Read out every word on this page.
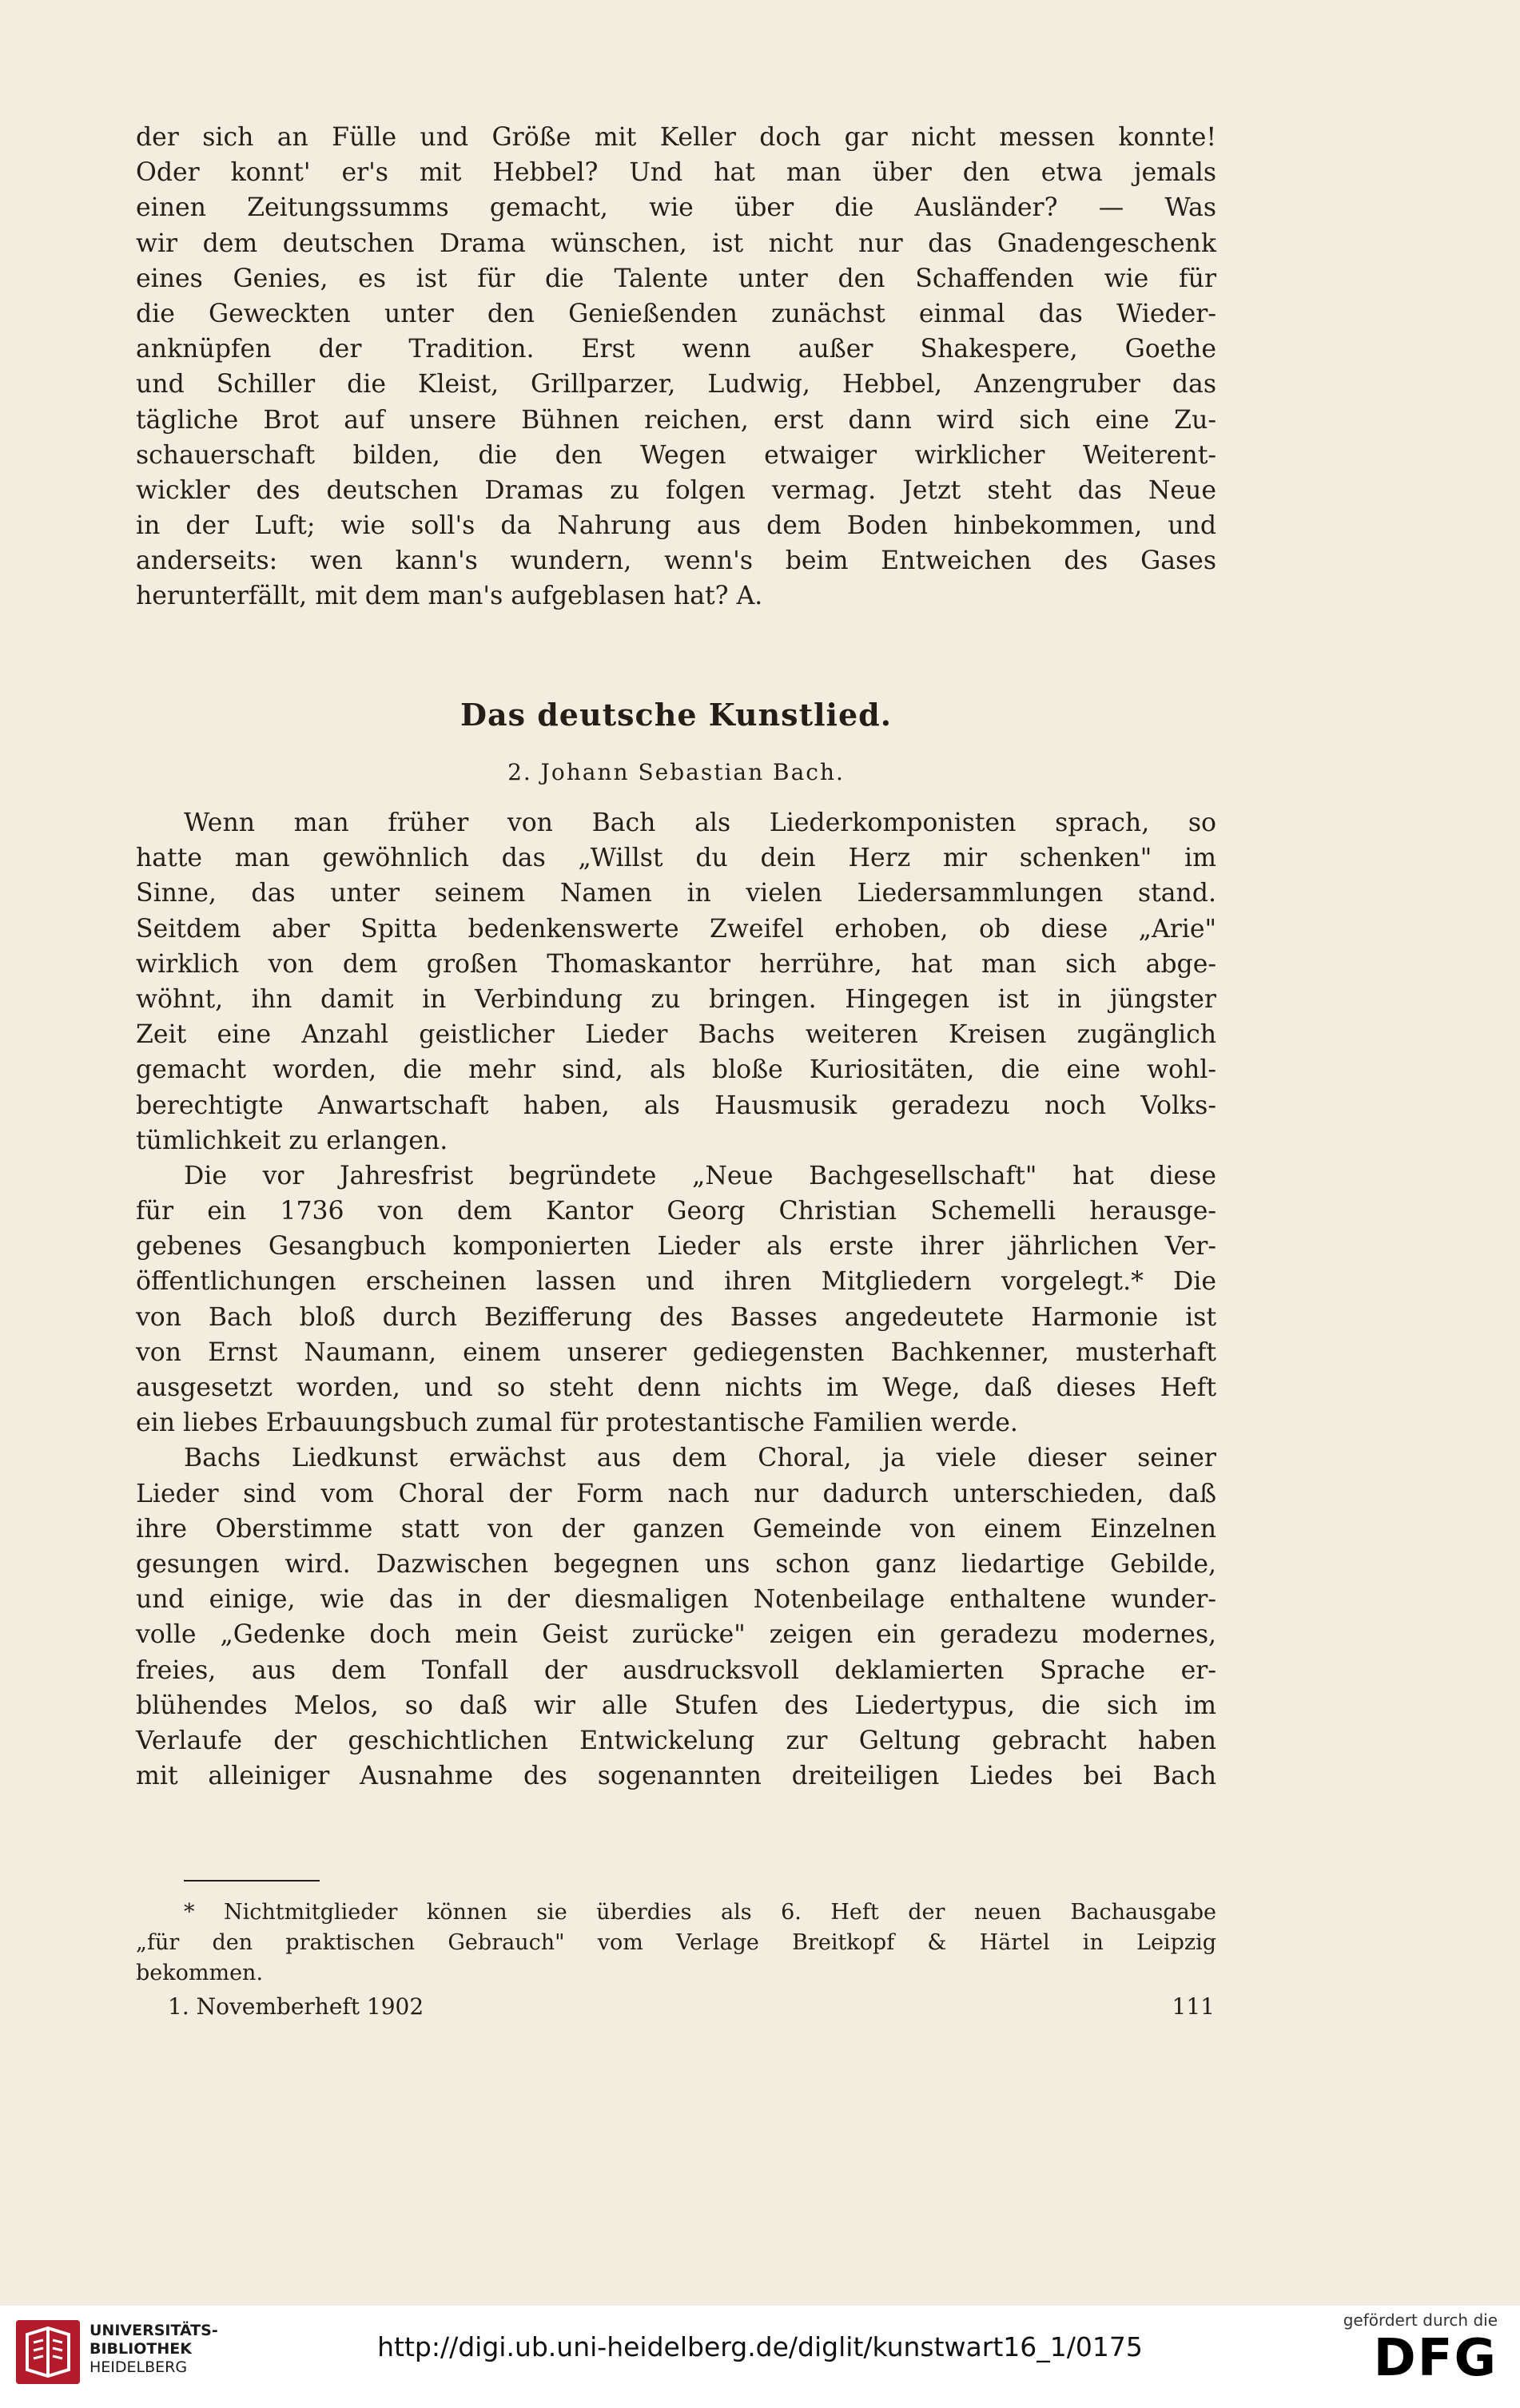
der sich an Fülle und Größe mit Keller doch gar nicht messen konnte!
Oder konnt' er's mit Hebbel? Und hat man über den etwa jemals
einen Zeitungssumms gemacht, wie über die Ausländer? — Was
wir dem deutschen Drama wünschen, ist nicht nur das Gnadengeschenk
eines Genies, es ist für die Talente unter den Schaffenden wie für
die Geweckten unter den Genießenden zunächst einmal das Wieder-
anknüpfen der Tradition. Erst wenn außer Shakespere, Goethe
und Schiller die Kleist, Grillparzer, Ludwig, Hebbel, Anzengruber das
tägliche Brot auf unsere Bühnen reichen, erst dann wird sich eine Zu-
schauerschaft bilden, die den Wegen etwaiger wirklicher Weiterent-
wickler des deutschen Dramas zu folgen vermag. Jetzt steht das Neue
in der Luft; wie soll's da Nahrung aus dem Boden hinbekommen, und
anderseits: wen kann's wundern, wenn's beim Entweichen des Gases
herunterfällt, mit dem man's aufgeblasen hat? A.
Das deutsche Kunstlied.
2. Johann Sebastian Bach.
Wenn man früher von Bach als Liederkomponisten sprach, so
hatte man gewöhnlich das „Willst du dein Herz mir schenken" im
Sinne, das unter seinem Namen in vielen Liedersammlungen stand.
Seitdem aber Spitta bedenkenswerte Zweifel erhoben, ob diese „Arie"
wirklich von dem großen Thomaskantor herrühre, hat man sich abge-
wöhnt, ihn damit in Verbindung zu bringen. Hingegen ist in jüngster
Zeit eine Anzahl geistlicher Lieder Bachs weiteren Kreisen zugänglich
gemacht worden, die mehr sind, als bloße Kuriositäten, die eine wohl-
berechtigte Anwartschaft haben, als Hausmusik geradezu noch Volks-
tümlichkeit zu erlangen.
Die vor Jahresfrist begründete „Neue Bachgesellschaft" hat diese
für ein 1736 von dem Kantor Georg Christian Schemelli herausge-
gebenes Gesangbuch komponierten Lieder als erste ihrer jährlichen Ver-
öffentlichungen erscheinen lassen und ihren Mitgliedern vorgelegt.* Die
von Bach bloß durch Bezifferung des Basses angedeutete Harmonie ist
von Ernst Naumann, einem unserer gediegensten Bachkenner, musterhaft
ausgesetzt worden, und so steht denn nichts im Wege, daß dieses Heft
ein liebes Erbauungsbuch zumal für protestantische Familien werde.
Bachs Liedkunst erwächst aus dem Choral, ja viele dieser seiner
Lieder sind vom Choral der Form nach nur dadurch unterschieden, daß
ihre Oberstimme statt von der ganzen Gemeinde von einem Einzelnen
gesungen wird. Dazwischen begegnen uns schon ganz liedartige Gebilde,
und einige, wie das in der diesmaligen Notenbeilage enthaltene wunder-
volle „Gedenke doch mein Geist zurücke" zeigen ein geradezu modernes,
freies, aus dem Tonfall der ausdrucksvoll deklamierten Sprache er-
blühendes Melos, so daß wir alle Stufen des Liedertypus, die sich im
Verlaufe der geschichtlichen Entwickelung zur Geltung gebracht haben
mit alleiniger Ausnahme des sogenannten dreiteiligen Liedes bei Bach
* Nichtmitglieder können sie überdies als 6. Heft der neuen Bachausgabe
„für den praktischen Gebrauch" vom Verlage Breitkopf & Härtel in Leipzig
bekommen.
1. Novemberheft 1902	111
UNIVERSITÄTS-
BIBLIOTHEK
HEIDELBERG
http://digi.ub.uni-heidelberg.de/diglit/kunstwart16_1/0175
gefördert durch die
DFG
